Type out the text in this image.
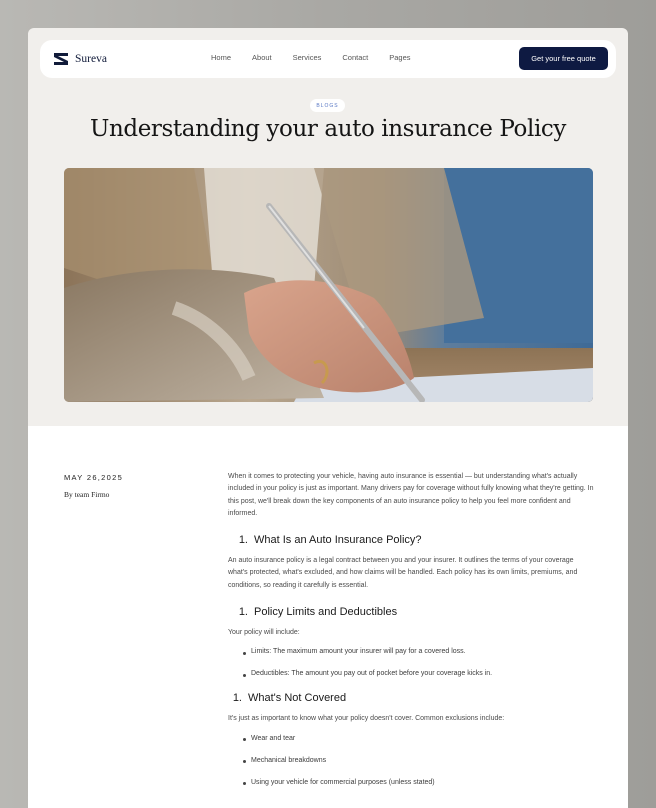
Sureva	Home	About	Services	Contact	Pages	Get your free quote
BLOGS
Understanding your auto insurance Policy
MAY 26,2025
By team Firmo

When it comes to protecting your vehicle, having auto insurance is essential — but understanding what's actually included in your policy is just as important. Many drivers pay for coverage without fully knowing what they're getting. In this post, we'll break down the key components of an auto insurance policy to help you feel more confident and informed.

1. What Is an Auto Insurance Policy?

An auto insurance policy is a legal contract between you and your insurer. It outlines the terms of your coverage what's protected, what's excluded, and how claims will be handled. Each policy has its own limits, premiums, and conditions, so reading it carefully is essential.

1. Policy Limits and Deductibles

Your policy will include:

Limits: The maximum amount your insurer will pay for a covered loss.
Deductibles: The amount you pay out of pocket before your coverage kicks in.
1. What's Not Covered

It's just as important to know what your policy doesn't cover. Common exclusions include:

Wear and tear
Mechanical breakdowns
Using your vehicle for commercial purposes (unless stated)
